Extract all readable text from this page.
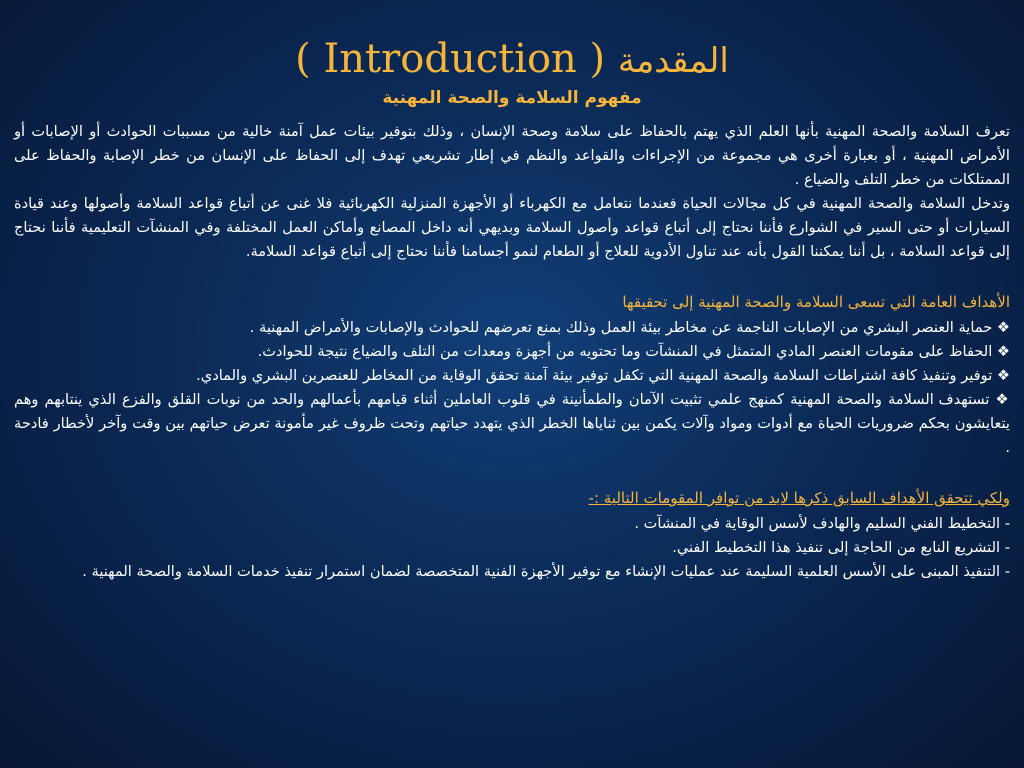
المقدمة ( Introduction )
مفهوم السلامة والصحة المهنية

تعرف السلامة والصحة المهنية بأنها العلم الذي يهتم بالحفاظ على سلامة وصحة الإنسان ، وذلك بتوفير بيئات عمل آمنة خالية من مسببات الحوادث أو الإصابات أو الأمراض المهنية ، أو بعبارة أخرى هي مجموعة من الإجراءات والقواعد والنظم في إطار تشريعي تهدف إلى الحفاظ على الإنسان من خطر الإصابة والحفاظ على الممتلكات من خطر التلف والضياع .

وتدخل السلامة والصحة المهنية في كل مجالات الحياة فعندما نتعامل مع الكهرباء أو الأجهزة المنزلية الكهربائية فلا غنى عن أتباع قواعد السلامة وأصولها وعند قيادة السيارات أو حتى السير في الشوارع فأننا نحتاج إلى أتباع قواعد وأصول السلامة وبديهي أنه داخل المصانع وأماكن العمل المختلفة وفي المنشآت التعليمية فأننا نحتاج إلى قواعد السلامة ، بل أننا يمكننا القول بأنه عند تناول الأدوية للعلاج أو الطعام لنمو أجسامنا فأننا نحتاج إلى أتباع قواعد السلامة.

الأهداف العامة التي تسعى السلامة والصحة المهنية إلى تحقيقها

❖ حماية العنصر البشري من الإصابات الناجمة عن مخاطر بيئة العمل وذلك بمنع تعرضهم للحوادث والإصابات والأمراض المهنية .

❖ الحفاظ على مقومات العنصر المادي المتمثل في المنشآت وما تحتويه من أجهزة ومعدات من التلف والضياع نتيجة للحوادث.

❖ توفير وتنفيذ كافة اشتراطات السلامة والصحة المهنية التي تكفل توفير بيئة آمنة تحقق الوقاية من المخاطر للعنصرين البشري والمادي.

❖ تستهدف السلامة والصحة المهنية كمنهج علمي تثبيت الآمان والطمأنينة في قلوب العاملين أثناء قيامهم بأعمالهم والحد من نوبات القلق والفزع الذي ينتابهم وهم يتعايشون بحكم ضروريات الحياة مع أدوات ومواد وآلات يكمن بين ثناياها الخطر الذي يتهدد حياتهم وتحت ظروف غير مأمونة تعرض حياتهم بين وقت وآخر لأخطار فادحة .

ولكي تتحقق الأهداف السابق ذكرها لابد من توافر المقومات التالية :-

- التخطيط الفني السليم والهادف لأسس الوقاية في المنشآت .

- التشريع النابع من الحاجة إلى تنفيذ هذا التخطيط الفني.

- التنفيذ المبنى على الأسس العلمية السليمة عند عمليات الإنشاء مع توفير الأجهزة الفنية المتخصصة لضمان استمرار تنفيذ خدمات السلامة والصحة المهنية .
